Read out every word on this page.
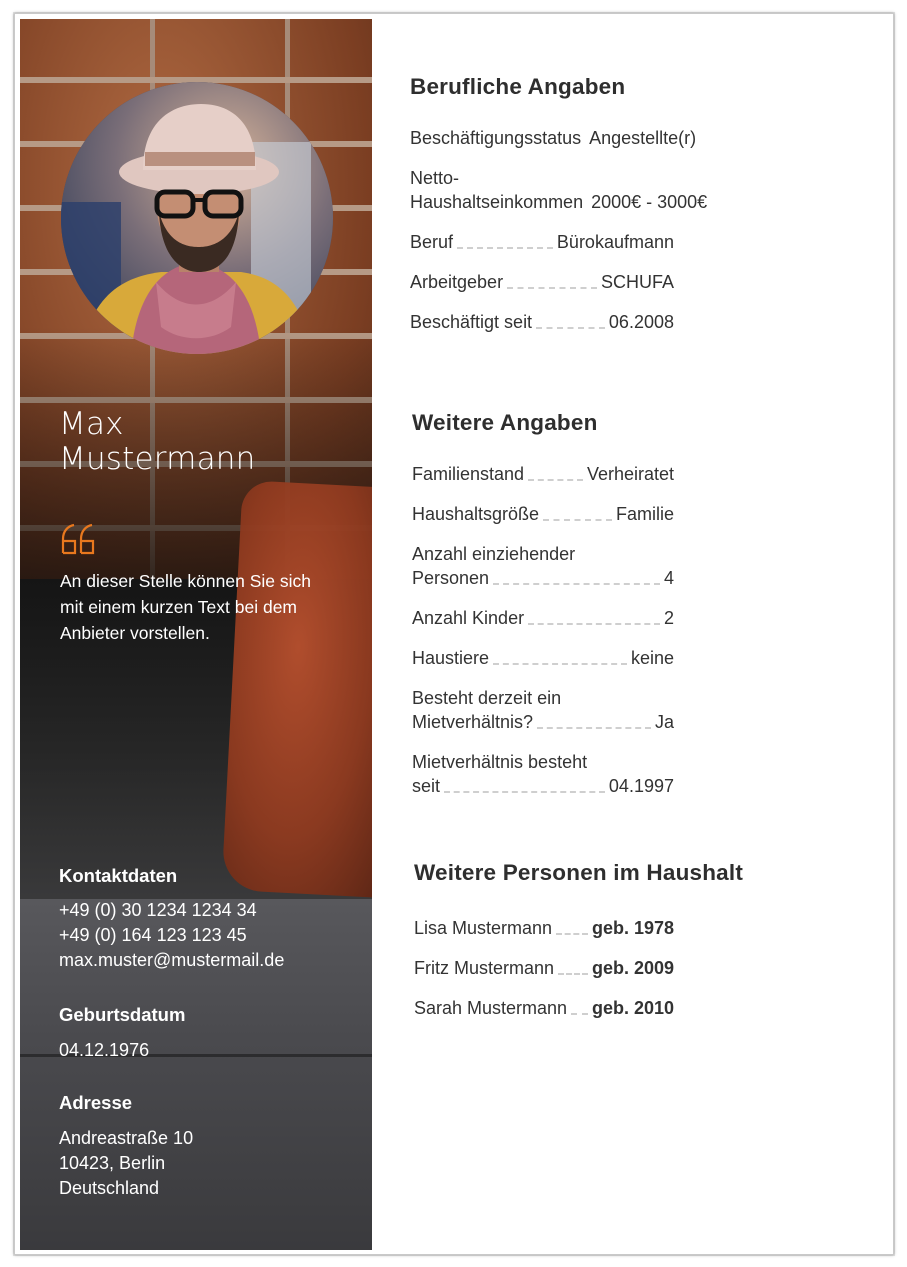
Max
Mustermann
An dieser Stelle können Sie sich mit einem kurzen Text bei dem Anbieter vorstellen.
Kontaktdaten
+49 (0) 30 1234 1234 34
+49 (0) 164 123 123 45
max.muster@mustermail.de
Geburtsdatum
04.12.1976
Adresse
Andreastraße 10
10423, Berlin
Deutschland
Berufliche Angaben
Beschäftigungsstatus Angestellte(r)
Netto-
Haushaltseinkommen 2000€ - 3000€
Beruf	Bürokaufmann
Arbeitgeber	SCHUFA
Beschäftigt seit	06.2008
Weitere Angaben
Familienstand	Verheiratet
Haushaltsgröße	Familie
Anzahl einziehender
Personen	4
Anzahl Kinder	2
Haustiere	keine
Besteht derzeit ein
Mietverhältnis?	Ja
Mietverhältnis besteht
seit	04.1997
Weitere Personen im Haushalt
Lisa Mustermann geb. 1978
Fritz Mustermann geb. 2009
Sarah Mustermann geb. 2010
